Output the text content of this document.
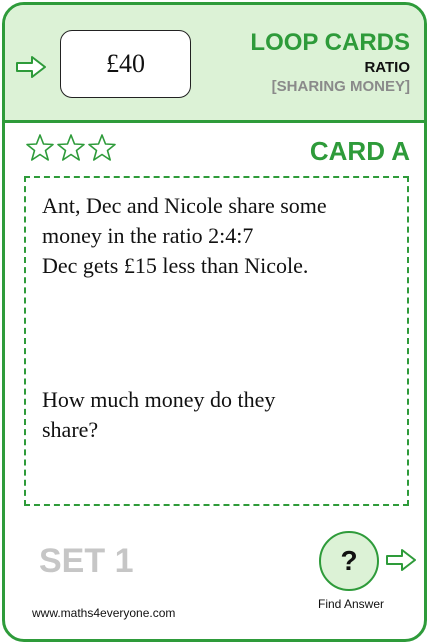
£40
LOOP CARDS
RATIO
[SHARING MONEY]
CARD A
Ant, Dec and Nicole share some
money in the ratio 2:4:7
Dec gets £15 less than Nicole.
How much money do they
share?
SET 1	?
Find Answer
www.maths4everyone.com
